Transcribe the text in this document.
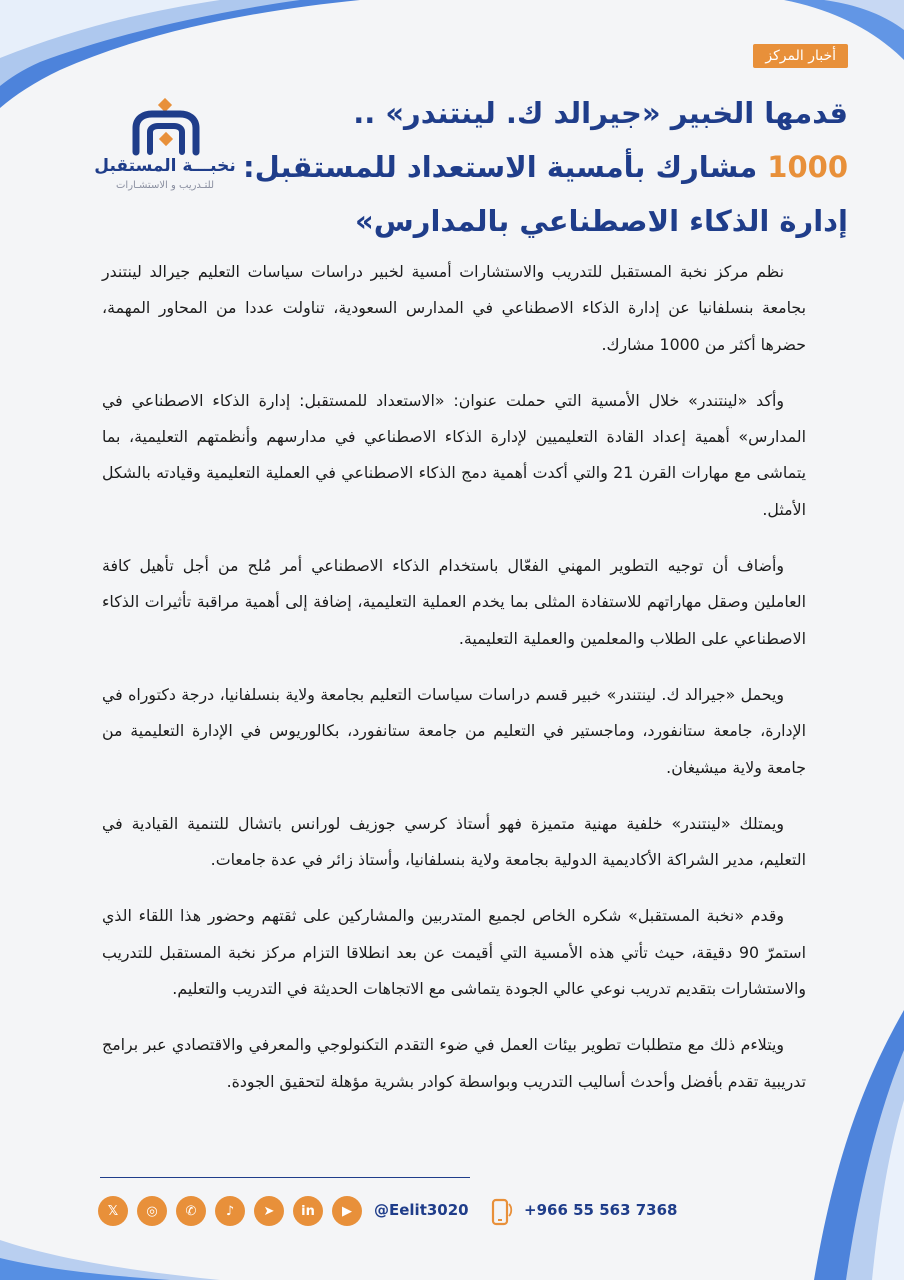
أخبار المركز
نخبـــة المستقبل
للتـدريب و الاستشـارات
قدمها الخبير «جيرالد ك. لينتندر» ..
1000 مشارك بأمسية الاستعداد للمستقبل:
إدارة الذكاء الاصطناعي بالمدارس»

نظم مركز نخبة المستقبل للتدريب والاستشارات أمسية لخبير دراسات سياسات التعليم جيرالد لينتندر بجامعة بنسلفانيا عن إدارة الذكاء الاصطناعي في المدارس السعودية، تناولت عددا من المحاور المهمة، حضرها أكثر من 1000 مشارك.

وأكد «لينتندر» خلال الأمسية التي حملت عنوان: «الاستعداد للمستقبل: إدارة الذكاء الاصطناعي في المدارس» أهمية إعداد القادة التعليميين لإدارة الذكاء الاصطناعي في مدارسهم وأنظمتهم التعليمية، بما يتماشى مع مهارات القرن 21 والتي أكدت أهمية دمج الذكاء الاصطناعي في العملية التعليمية وقيادته بالشكل الأمثل.

وأضاف أن توجيه التطوير المهني الفعّال باستخدام الذكاء الاصطناعي أمر مُلح من أجل تأهيل كافة العاملين وصقل مهاراتهم للاستفادة المثلى بما يخدم العملية التعليمية، إضافة إلى أهمية مراقبة تأثيرات الذكاء الاصطناعي على الطلاب والمعلمين والعملية التعليمية.

ويحمل «جيرالد ك. لينتندر» خبير قسم دراسات سياسات التعليم بجامعة ولاية بنسلفانيا، درجة دكتوراه في الإدارة، جامعة ستانفورد، وماجستير في التعليم من جامعة ستانفورد، بكالوريوس في الإدارة التعليمية من جامعة ولاية ميشيغان.

ويمتلك «لينتندر» خلفية مهنية متميزة فهو أستاذ كرسي جوزيف لورانس باتشال للتنمية القيادية في التعليم، مدير الشراكة الأكاديمية الدولية بجامعة ولاية بنسلفانيا، وأستاذ زائر في عدة جامعات.

وقدم «نخبة المستقبل» شكره الخاص لجميع المتدربين والمشاركين على ثقتهم وحضور هذا اللقاء الذي استمرّ 90 دقيقة، حيث تأتي هذه الأمسية التي أقيمت عن بعد انطلاقا التزام مركز نخبة المستقبل للتدريب والاستشارات بتقديم تدريب نوعي عالي الجودة يتماشى مع الاتجاهات الحديثة في التدريب والتعليم.

ويتلاءم ذلك مع متطلبات تطوير بيئات العمل في ضوء التقدم التكنولوجي والمعرفي والاقتصادي عبر برامج تدريبية تقدم بأفضل وأحدث أساليب التدريب وبواسطة كوادر بشرية مؤهلة لتحقيق الجودة.

𝕏	◎	✆	♪	➤	in	▶	@Eelit3020	+966 55 563 7368
